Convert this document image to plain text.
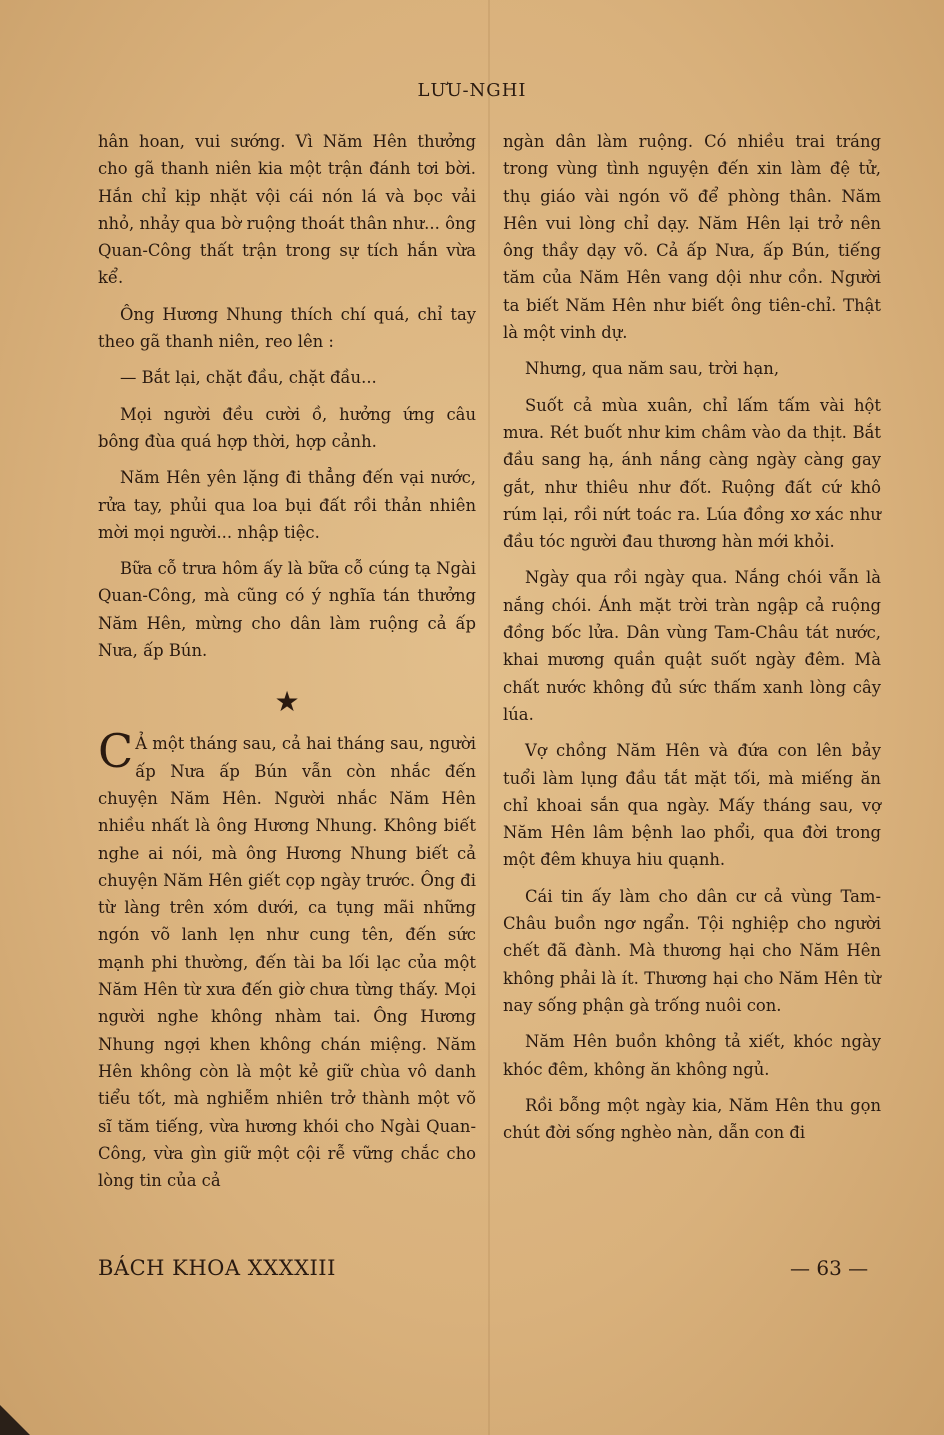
LƯU-NGHI

hân hoan, vui sướng. Vì Năm Hên thưởng cho gã thanh niên kia một trận đánh tơi bời. Hắn chỉ kịp nhặt vội cái nón lá và bọc vải nhỏ, nhảy qua bờ ruộng thoát thân như... ông Quan-Công thất trận trong sự tích hắn vừa kể.

Ông Hương Nhung thích chí quá, chỉ tay theo gã thanh niên, reo lên :

— Bắt lại, chặt đầu, chặt đầu...

Mọi người đều cười ồ, hưởng ứng câu bông đùa quá hợp thời, hợp cảnh.

Năm Hên yên lặng đi thẳng đến vại nước, rửa tay, phủi qua loa bụi đất rồi thản nhiên mời mọi người... nhập tiệc.

Bữa cỗ trưa hôm ấy là bữa cỗ cúng tạ Ngài Quan-Công, mà cũng có ý nghĩa tán thưởng Năm Hên, mừng cho dân làm ruộng cả ấp Nưa, ấp Bún.

★

C Ả một tháng sau, cả hai tháng sau, người ấp Nưa ấp Bún vẫn còn nhắc đến chuyện Năm Hên. Người nhắc Năm Hên nhiều nhất là ông Hương Nhung. Không biết nghe ai nói, mà ông Hương Nhung biết cả chuyện Năm Hên giết cọp ngày trước. Ông đi từ làng trên xóm dưới, ca tụng mãi những ngón võ lanh lẹn như cung tên, đến sức mạnh phi thường, đến tài ba lối lạc của một Năm Hên từ xưa đến giờ chưa từng thấy. Mọi người nghe không nhàm tai. Ông Hương Nhung ngợi khen không chán miệng. Năm Hên không còn là một kẻ giữ chùa vô danh tiểu tốt, mà nghiễm nhiên trở thành một võ sĩ tăm tiếng, vừa hương khói cho Ngài Quan-Công, vừa gìn giữ một cội rễ vững chắc cho lòng tin của cả

ngàn dân làm ruộng. Có nhiều trai tráng trong vùng tình nguyện đến xin làm đệ tử, thụ giáo vài ngón võ để phòng thân. Năm Hên vui lòng chỉ dạy. Năm Hên lại trở nên ông thầy dạy võ. Cả ấp Nưa, ấp Bún, tiếng tăm của Năm Hên vang dội như cồn. Người ta biết Năm Hên như biết ông tiên-chỉ. Thật là một vinh dự.

Nhưng, qua năm sau, trời hạn,

Suốt cả mùa xuân, chỉ lấm tấm vài hột mưa. Rét buốt như kim châm vào da thịt. Bắt đầu sang hạ, ánh nắng càng ngày càng gay gắt, như thiêu như đốt. Ruộng đất cứ khô rúm lại, rồi nứt toác ra. Lúa đồng xơ xác như đầu tóc người đau thương hàn mới khỏi.

Ngày qua rồi ngày qua. Nắng chói vẫn là nắng chói. Ánh mặt trời tràn ngập cả ruộng đồng bốc lửa. Dân vùng Tam-Châu tát nước, khai mương quần quật suốt ngày đêm. Mà chất nước không đủ sức thấm xanh lòng cây lúa.

Vợ chồng Năm Hên và đứa con lên bảy tuổi làm lụng đầu tắt mặt tối, mà miếng ăn chỉ khoai sắn qua ngày. Mấy tháng sau, vợ Năm Hên lâm bệnh lao phổi, qua đời trong một đêm khuya hiu quạnh.

Cái tin ấy làm cho dân cư cả vùng Tam-Châu buồn ngơ ngẩn. Tội nghiệp cho người chết đã đành. Mà thương hại cho Năm Hên không phải là ít. Thương hại cho Năm Hên từ nay sống phận gà trống nuôi con.

Năm Hên buồn không tả xiết, khóc ngày khóc đêm, không ăn không ngủ.

Rồi bỗng một ngày kia, Năm Hên thu gọn chút đời sống nghèo nàn, dẫn con đi

BÁCH KHOA XXXXIII	— 63 —
